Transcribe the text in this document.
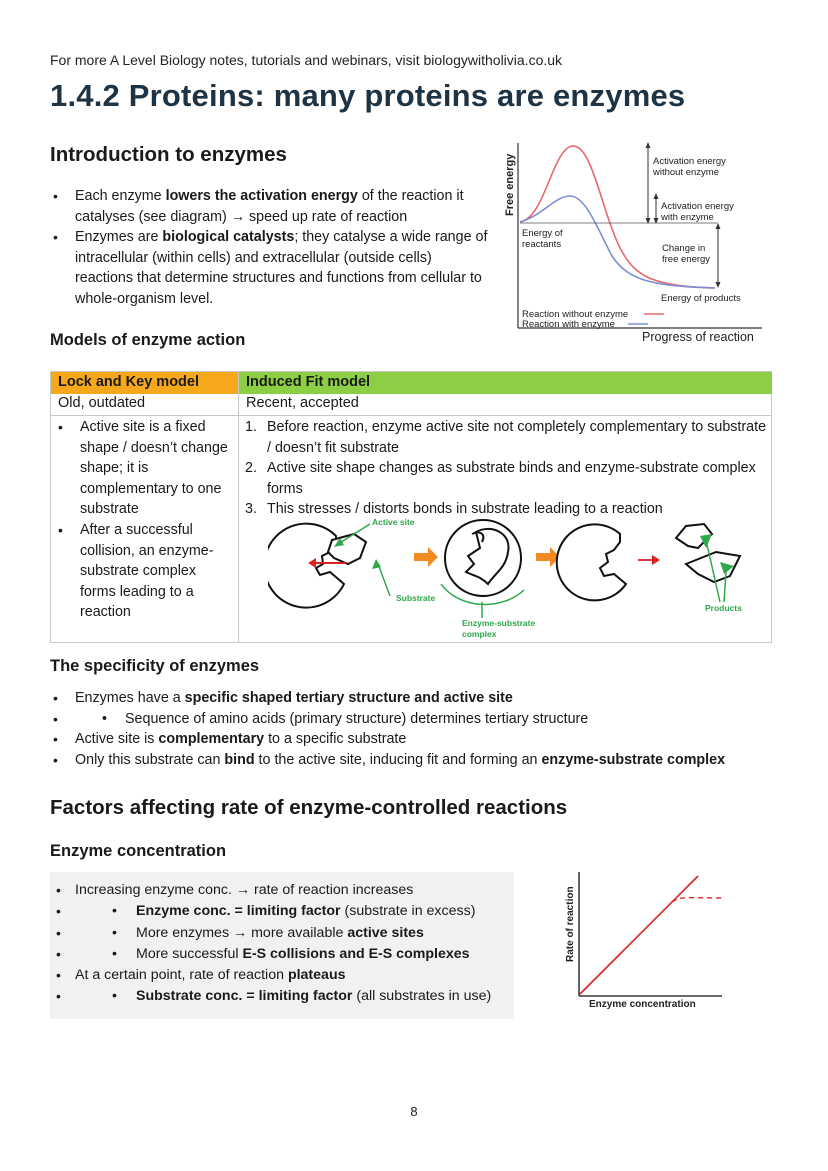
For more A Level Biology notes, tutorials and webinars, visit biologywitholivia.co.uk
1.4.2 Proteins: many proteins are enzymes
Introduction to enzymes
• Each enzyme lowers the activation energy of the reaction it catalyses (see diagram) → speed up rate of reaction
• Enzymes are biological catalysts; they catalyse a wide range of intracellular (within cells) and extracellular (outside cells) reactions that determine structures and functions from cellular to whole-organism level.
Free energy	Activation energy without enzyme
Activation energy with enzyme
Energy of reactants	Change in free energy
Energy of products
Reaction without enzyme
Reaction with enzyme
Progress of reaction
Models of enzyme action
Lock and Key model	Induced Fit model
Old, outdated	Recent, accepted
• Active site is a fixed shape / doesn’t change shape; it is complementary to one substrate
• After a successful collision, an enzyme-substrate complex forms leading to a reaction
1. Before reaction, enzyme active site not completely complementary to substrate / doesn’t fit substrate
2. Active site shape changes as substrate binds and enzyme-substrate complex forms
3. This stresses / distorts bonds in substrate leading to a reaction
Active site
Substrate
Enzyme-substrate complex
Products
The specificity of enzymes
• Enzymes have a specific shaped tertiary structure and active site
• • Sequence of amino acids (primary structure) determines tertiary structure
• Active site is complementary to a specific substrate
• Only this substrate can bind to the active site, inducing fit and forming an enzyme-substrate complex
Factors affecting rate of enzyme-controlled reactions
Enzyme concentration
• Increasing enzyme conc. → rate of reaction increases
• • Enzyme conc. = limiting factor (substrate in excess)
• • More enzymes → more available active sites
• • More successful E-S collisions and E-S complexes
• At a certain point, rate of reaction plateaus
• • Substrate conc. = limiting factor (all substrates in use)
Rate of reaction
Enzyme concentration
8
